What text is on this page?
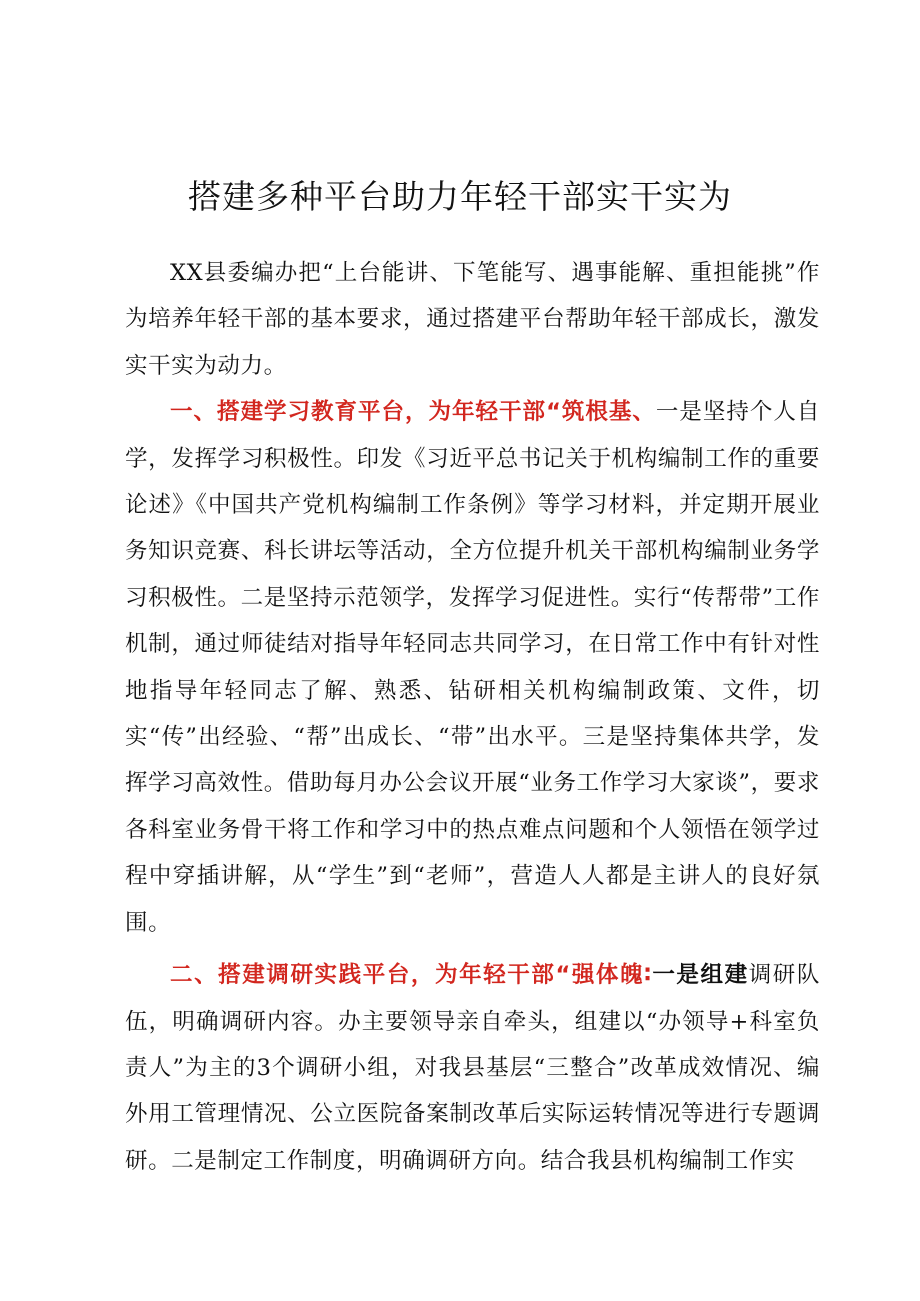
搭建多种平台助力年轻干部实干实为

XX县委编办把“上台能讲、下笔能写、遇事能解、重担能挑”作为培养年轻干部的基本要求，通过搭建平台帮助年轻干部成长，激发实干实为动力。

一、搭建学习教育平台，为年轻干部“筑根基、一是坚持个人自学，发挥学习积极性。印发《习近平总书记关于机构编制工作的重要论述》《中国共产党机构编制工作条例》等学习材料，并定期开展业务知识竞赛、科长讲坛等活动，全方位提升机关干部机构编制业务学习积极性。二是坚持示范领学，发挥学习促进性。实行“传帮带”工作机制，通过师徒结对指导年轻同志共同学习，在日常工作中有针对性地指导年轻同志了解、熟悉、钻研相关机构编制政策、文件，切实“传”出经验、“帮”出成长、“带”出水平。三是坚持集体共学，发挥学习高效性。借助每月办公会议开展“业务工作学习大家谈”，要求各科室业务骨干将工作和学习中的热点难点问题和个人领悟在领学过程中穿插讲解，从“学生”到“老师”，营造人人都是主讲人的良好氛围。

二、搭建调研实践平台，为年轻干部“强体魄∶一是组建调研队伍，明确调研内容。办主要领导亲自牵头，组建以“办领导+科室负责人”为主的3个调研小组，对我县基层“三整合”改革成效情况、编外用工管理情况、公立医院备案制改革后实际运转情况等进行专题调研。二是制定工作制度，明确调研方向。结合我县机构编制工作实
